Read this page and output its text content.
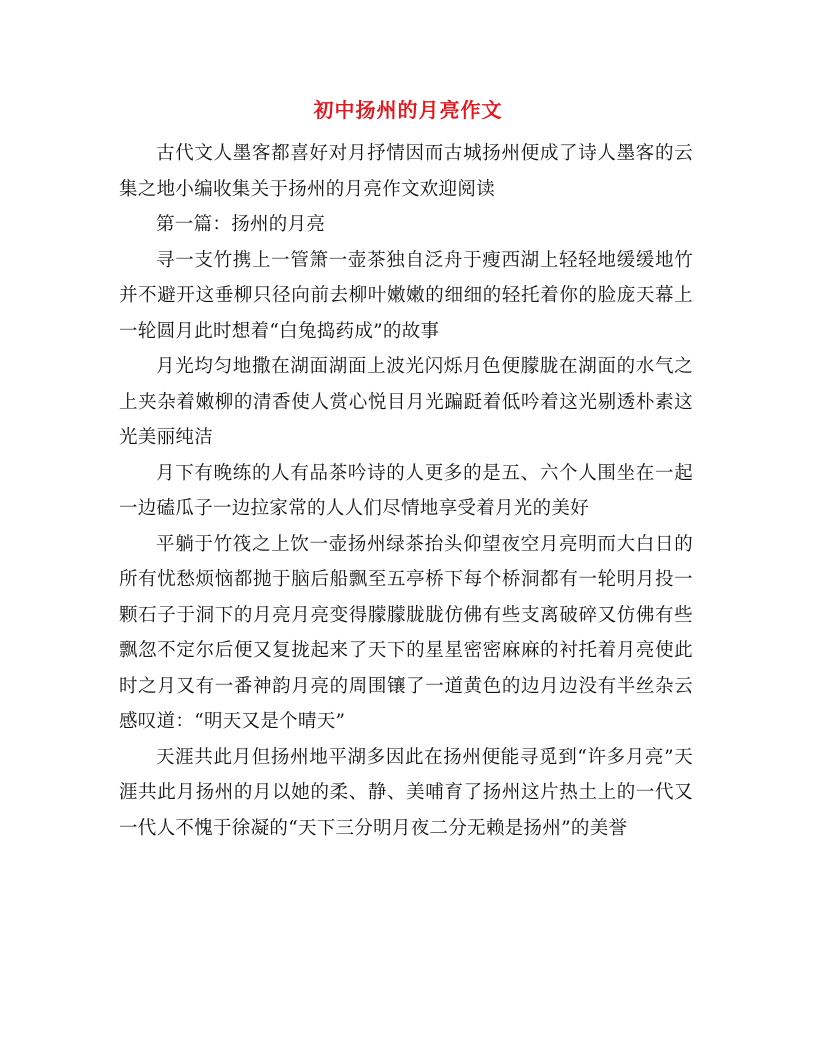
初中扬州的月亮作文

古代文人墨客都喜好对月抒情因而古城扬州便成了诗人墨客的云集之地小编收集关于扬州的月亮作文欢迎阅读

第一篇：扬州的月亮

寻一支竹携上一管箫一壶茶独自泛舟于瘦西湖上轻轻地缓缓地竹并不避开这垂柳只径向前去柳叶嫩嫩的细细的轻托着你的脸庞天幕上一轮圆月此时想着“白兔捣药成”的故事

月光均匀地撒在湖面湖面上波光闪烁月色便朦胧在湖面的水气之上夹杂着嫩柳的清香使人赏心悦目月光蹁跹着低吟着这光剔透朴素这光美丽纯洁

月下有晚练的人有品茶吟诗的人更多的是五、六个人围坐在一起一边磕瓜子一边拉家常的人人们尽情地享受着月光的美好

平躺于竹筏之上饮一壶扬州绿茶抬头仰望夜空月亮明而大白日的所有忧愁烦恼都抛于脑后船飘至五亭桥下每个桥洞都有一轮明月投一颗石子于洞下的月亮月亮变得朦朦胧胧仿佛有些支离破碎又仿佛有些飘忽不定尔后便又复拢起来了天下的星星密密麻麻的衬托着月亮使此时之月又有一番神韵月亮的周围镶了一道黄色的边月边没有半丝杂云感叹道：“明天又是个晴天”

天涯共此月但扬州地平湖多因此在扬州便能寻觅到“许多月亮”天涯共此月扬州的月以她的柔、静、美哺育了扬州这片热土上的一代又一代人不愧于徐凝的“天下三分明月夜二分无赖是扬州”的美誉
